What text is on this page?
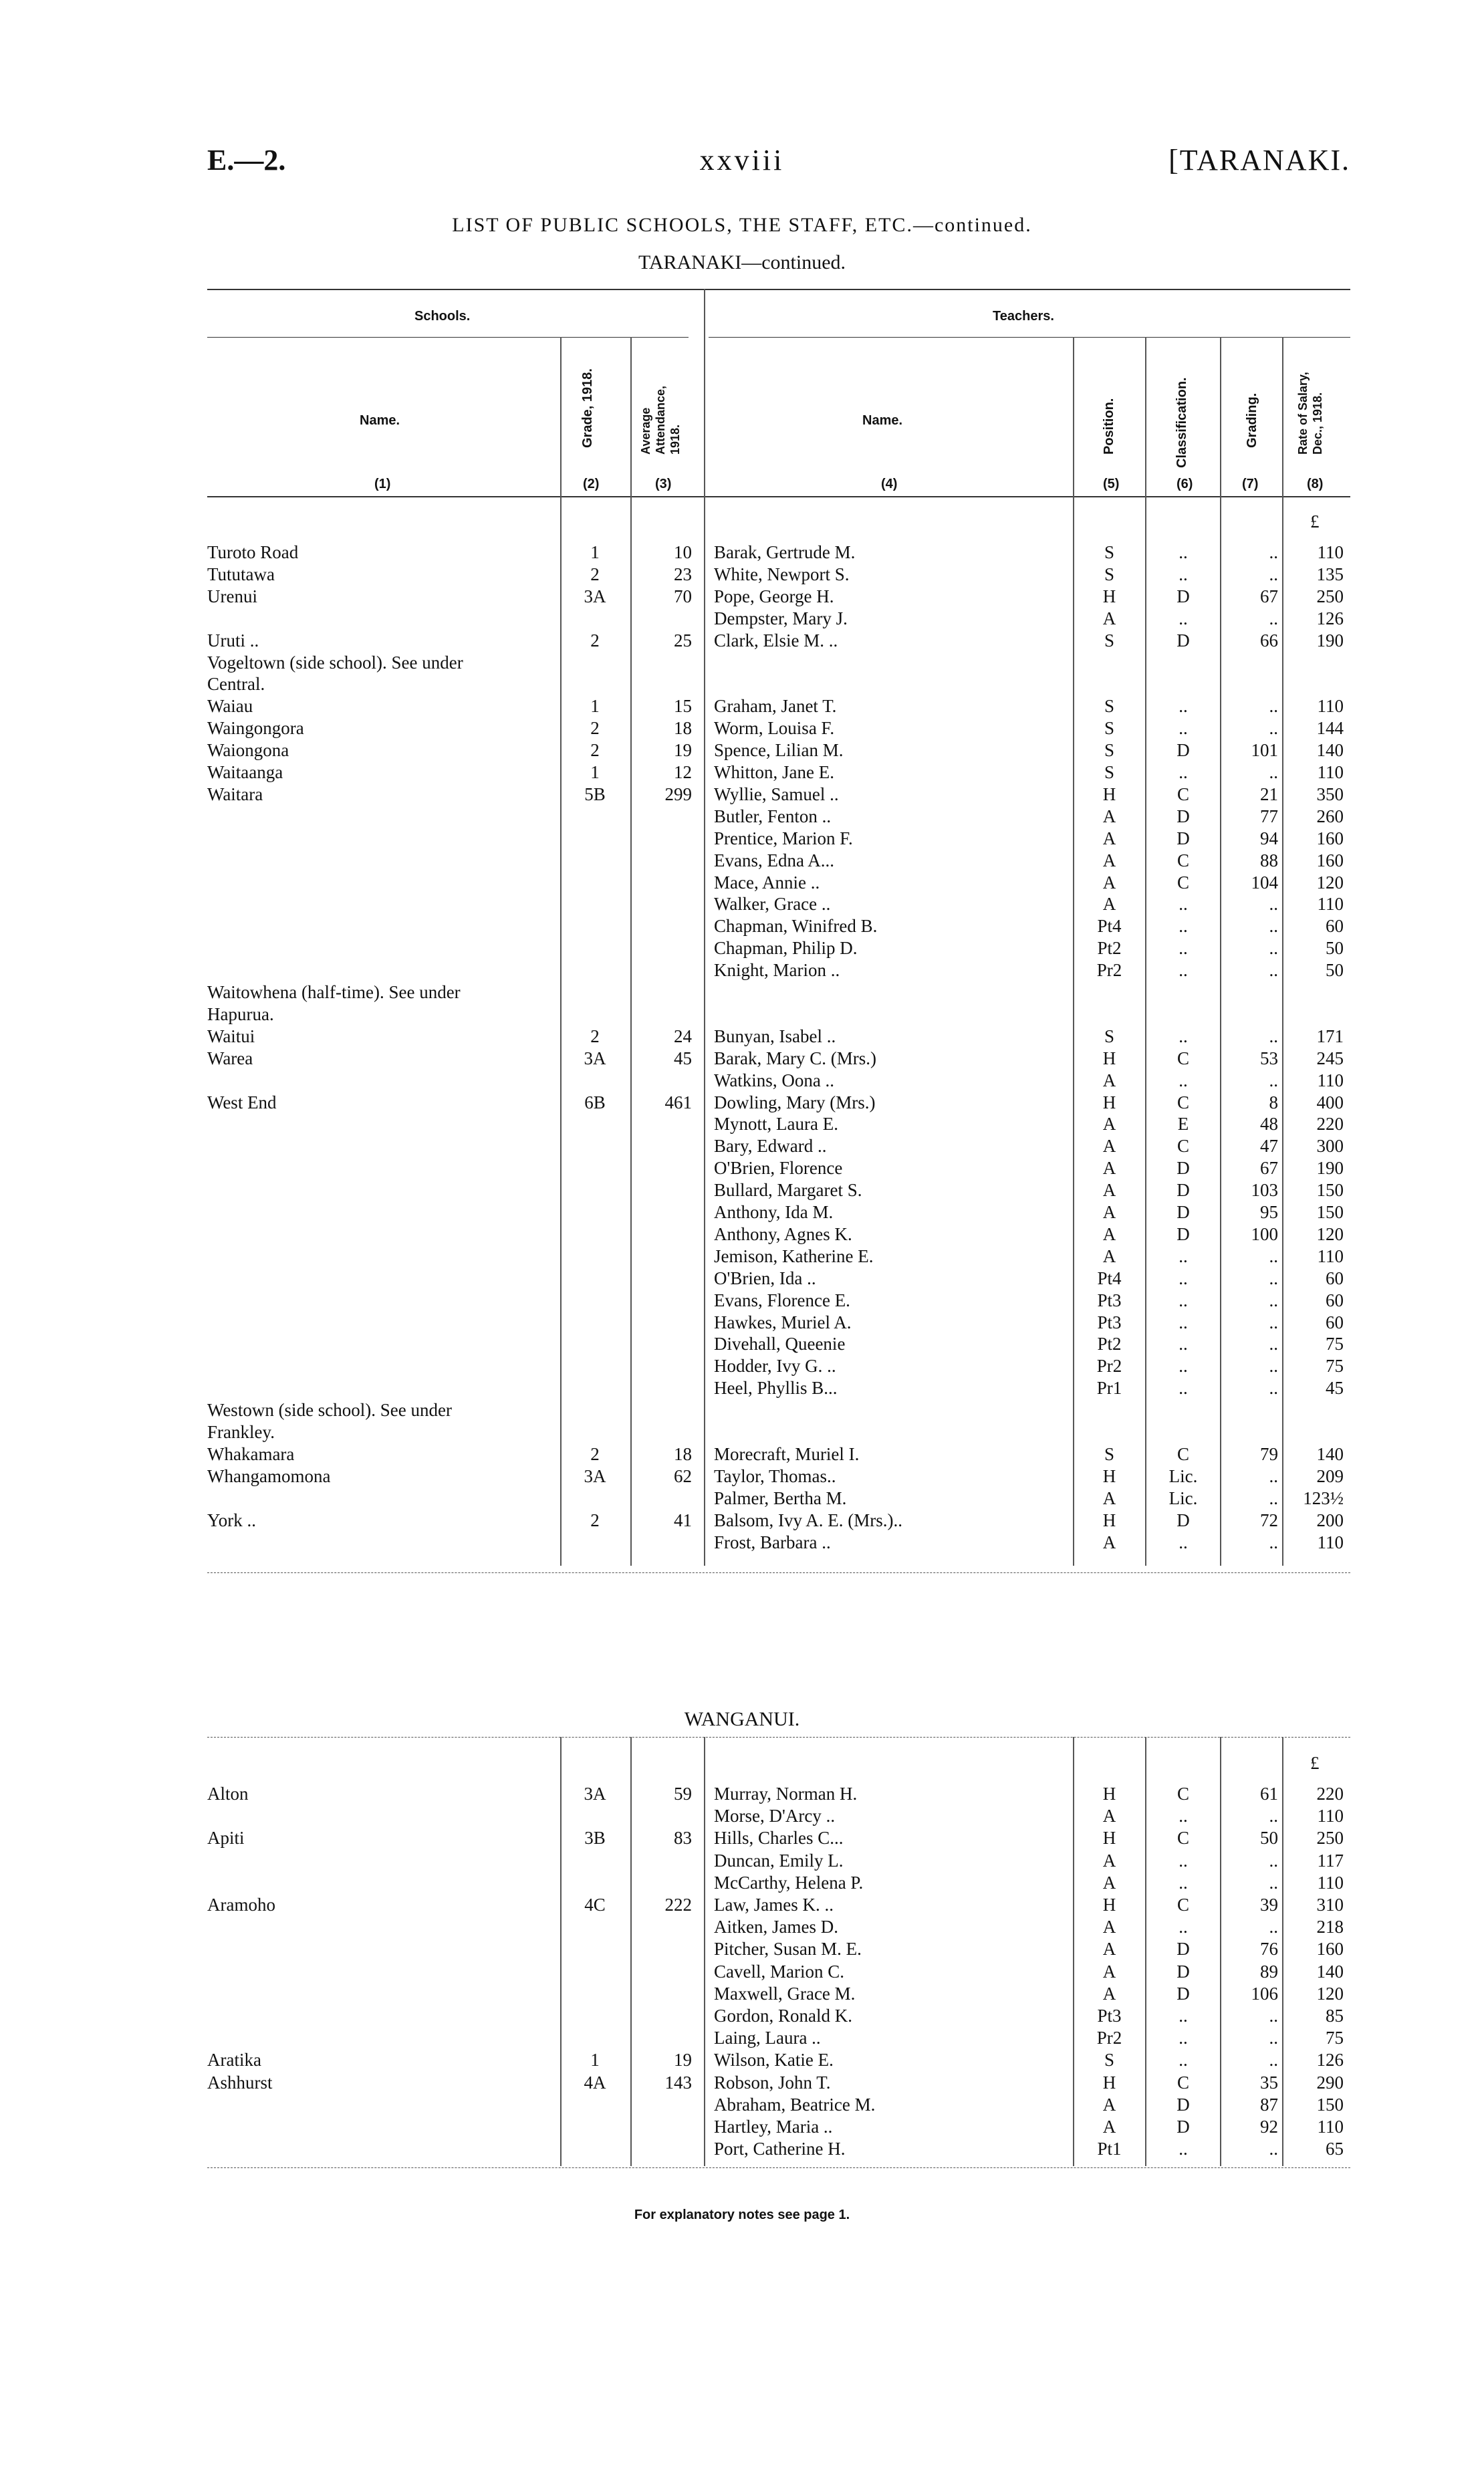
E.—2.	xxviii	[TARANAKI.
LIST OF PUBLIC SCHOOLS, THE STAFF, ETC.—continued.
TARANAKI—continued.
Schools.	Teachers.
Name.	Grade, 1918.	Average Attendance, 1918.
Name.	Position.	Classification.	Grading.	Rate of Salary, Dec., 1918.
(1)	(2)	(3)	(4)	(5)	(6)	(7)	(8)
£
Turoto Road	1	10 Barak, Gertrude M.	S	..	..	110
Tututawa	2	23 White, Newport S.	S	..	..	135
Urenui	3A	70 Pope, George H.	H	D	67	250
Dempster, Mary J.	A	..	..	126
Uruti ..	2	25 Clark, Elsie M. ..	S	D	66	190
Vogeltown (side school). See under
Central.
Waiau	1	15 Graham, Janet T.	S	..	..	110
Waingongora	2	18 Worm, Louisa F.	S	..	..	144
Waiongona	2	19 Spence, Lilian M.	S	D	101	140
Waitaanga	1	12 Whitton, Jane E.	S	..	..	110
Waitara	5B	299 Wyllie, Samuel ..	H	C	21	350
Butler, Fenton ..	A	D	77	260
Prentice, Marion F.	A	D	94	160
Evans, Edna A...	A	C	88	160
Mace, Annie ..	A	C	104	120
Walker, Grace ..	A	..	..	110
Chapman, Winifred B.	Pt4	..	..	60
Chapman, Philip D.	Pt2	..	..	50
Knight, Marion ..	Pr2	..	..	50
Waitowhena (half-time). See under
Hapurua.
Waitui	2	24 Bunyan, Isabel ..	S	..	..	171
Warea	3A	45 Barak, Mary C. (Mrs.)	H	C	53	245
Watkins, Oona ..	A	..	..	110
West End	6B	461 Dowling, Mary (Mrs.)	H	C	8	400
Mynott, Laura E.	A	E	48	220
Bary, Edward ..	A	C	47	300
O'Brien, Florence	A	D	67	190
Bullard, Margaret S.	A	D	103	150
Anthony, Ida M.	A	D	95	150
Anthony, Agnes K.	A	D	100	120
Jemison, Katherine E.	A	..	..	110
O'Brien, Ida ..	Pt4	..	..	60
Evans, Florence E.	Pt3	..	..	60
Hawkes, Muriel A.	Pt3	..	..	60
Divehall, Queenie	Pt2	..	..	75
Hodder, Ivy G. ..	Pr2	..	..	75
Heel, Phyllis B...	Pr1	..	..	45
Westown (side school). See under
Frankley.
Whakamara	2	18 Morecraft, Muriel I.	S	C	79	140
Whangamomona	3A	62 Taylor, Thomas..	H	Lic.	..	209
Palmer, Bertha M.	A	Lic.	..	123½
York ..	2	41 Balsom, Ivy A. E. (Mrs.)..	H	D	72	200
Frost, Barbara ..	A	..	..	110
WANGANUI.
£
Alton	3A	59 Murray, Norman H.	H	C	61	220
Morse, D'Arcy ..	A	..	..	110
Apiti	3B	83 Hills, Charles C...	H	C	50	250
Duncan, Emily L.	A	..	..	117
McCarthy, Helena P.	A	..	..	110
Aramoho	4C	222 Law, James K. ..	H	C	39	310
Aitken, James D.	A	..	..	218
Pitcher, Susan M. E.	A	D	76	160
Cavell, Marion C.	A	D	89	140
Maxwell, Grace M.	A	D	106	120
Gordon, Ronald K.	Pt3	..	..	85
Laing, Laura ..	Pr2	..	..	75
Aratika	1	19 Wilson, Katie E.	S	..	..	126
Ashhurst	4A	143 Robson, John T.	H	C	35	290
Abraham, Beatrice M.	A	D	87	150
Hartley, Maria ..	A	D	92	110
Port, Catherine H.	Pt1	..	..	65
For explanatory notes see page 1.
